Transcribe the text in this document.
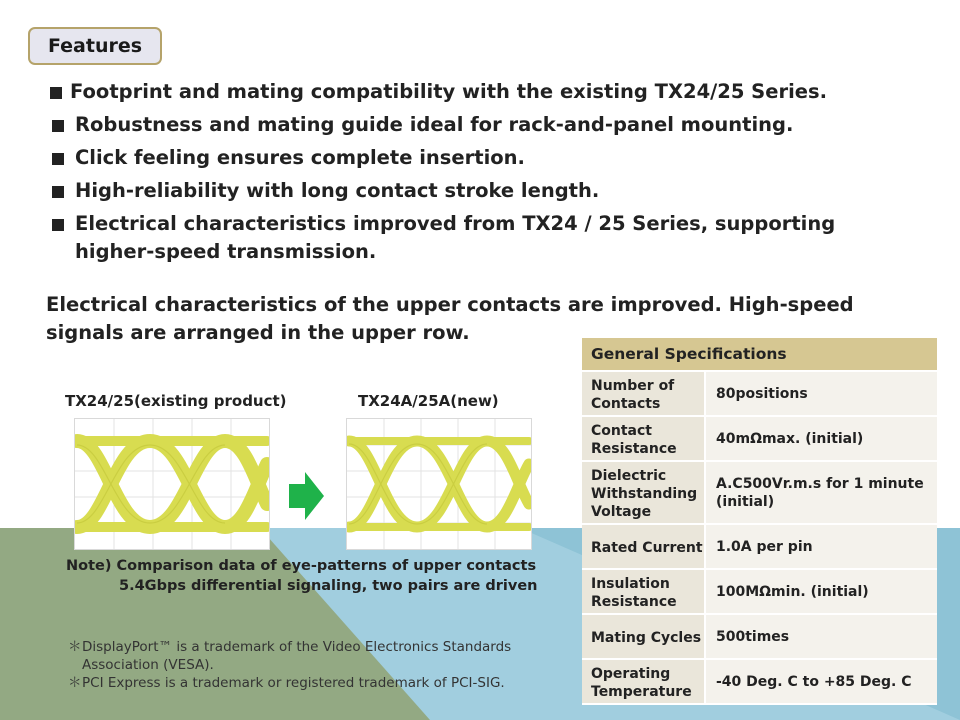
Features
Footprint and mating compatibility with the existing TX24/25 Series.
Robustness and mating guide ideal for rack-and-panel mounting.
Click feeling ensures complete insertion.
High-reliability with long contact stroke length.
Electrical characteristics improved from TX24 / 25 Series, supporting higher-speed transmission.
Electrical characteristics of the upper contacts are improved. High-speed signals are arranged in the upper row.
TX24/25(existing product)	TX24A/25A(new)
Note) Comparison data of eye-patterns of upper contacts
5.4Gbps differential signaling, two pairs are driven
＊ DisplayPort™ is a trademark of the Video Electronics Standards Association (VESA).
＊ PCI Express is a trademark or registered trademark of PCI-SIG.
General Specifications
Number of Contacts
80positions
Contact Resistance
40mΩmax. (initial)
Dielectric Withstanding Voltage
A.C500Vr.m.s for 1 minute (initial)
Rated Current 1.0A per pin
Insulation Resistance
100MΩmin. (initial)
Mating Cycles	500times
Operating Temperature
-40 Deg. C to +85 Deg. C
